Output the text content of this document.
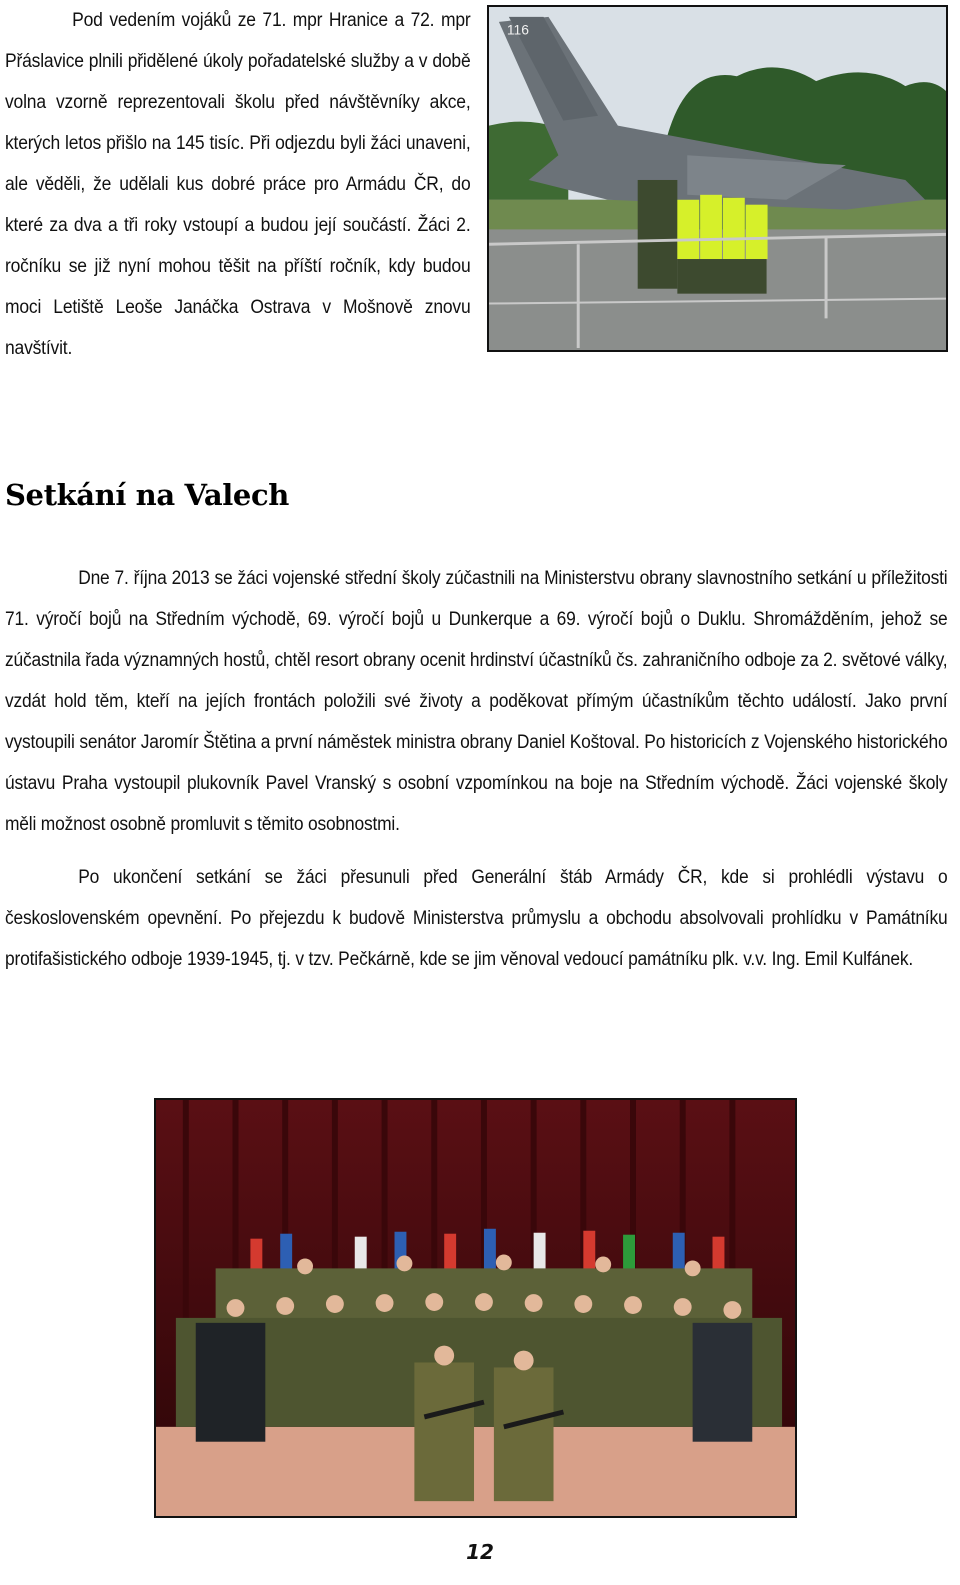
Pod vedením vojáků ze 71. mpr Hranice a 72. mpr Přáslavice plnili přidělené úkoly pořadatelské služby a v době volna vzorně reprezentovali školu před návštěvníky akce, kterých letos přišlo na 145 tisíc. Při odjezdu byli žáci unaveni, ale věděli, že udělali kus dobré práce pro Armádu ČR, do které za dva a tři roky vstoupí a budou její součástí. Žáci 2. ročníku se již nyní mohou těšit na příští ročník, kdy budou moci Letiště Leoše Janáčka Ostrava v Mošnově znovu navštívit.

116
Setkání na Valech

Dne 7. října 2013 se žáci vojenské střední školy zúčastnili na Ministerstvu obrany slavnostního setkání u příležitosti 71. výročí bojů na Středním východě, 69. výročí bojů u Dunkerque a 69. výročí bojů o Duklu. Shromážděním, jehož se zúčastnila řada významných hostů, chtěl resort obrany ocenit hrdinství účastníků čs. zahraničního odboje za 2. světové války, vzdát hold těm, kteří na jejích frontách položili své životy a poděkovat přímým účastníkům těchto událostí. Jako první vystoupili senátor Jaromír Štětina a první náměstek ministra obrany Daniel Koštoval. Po historicích z Vojenského historického ústavu Praha vystoupil plukovník Pavel Vranský s osobní vzpomínkou na boje na Středním východě. Žáci vojenské školy měli možnost osobně promluvit s těmito osobnostmi.

Po ukončení setkání se žáci přesunuli před Generální štáb Armády ČR, kde si prohlédli výstavu o československém opevnění. Po přejezdu k budově Ministerstva průmyslu a obchodu absolvovali prohlídku v Památníku protifašistického odboje 1939-1945, tj. v tzv. Pečkárně, kde se jim věnoval vedoucí památníku plk. v.v. Ing. Emil Kulfánek.

12
